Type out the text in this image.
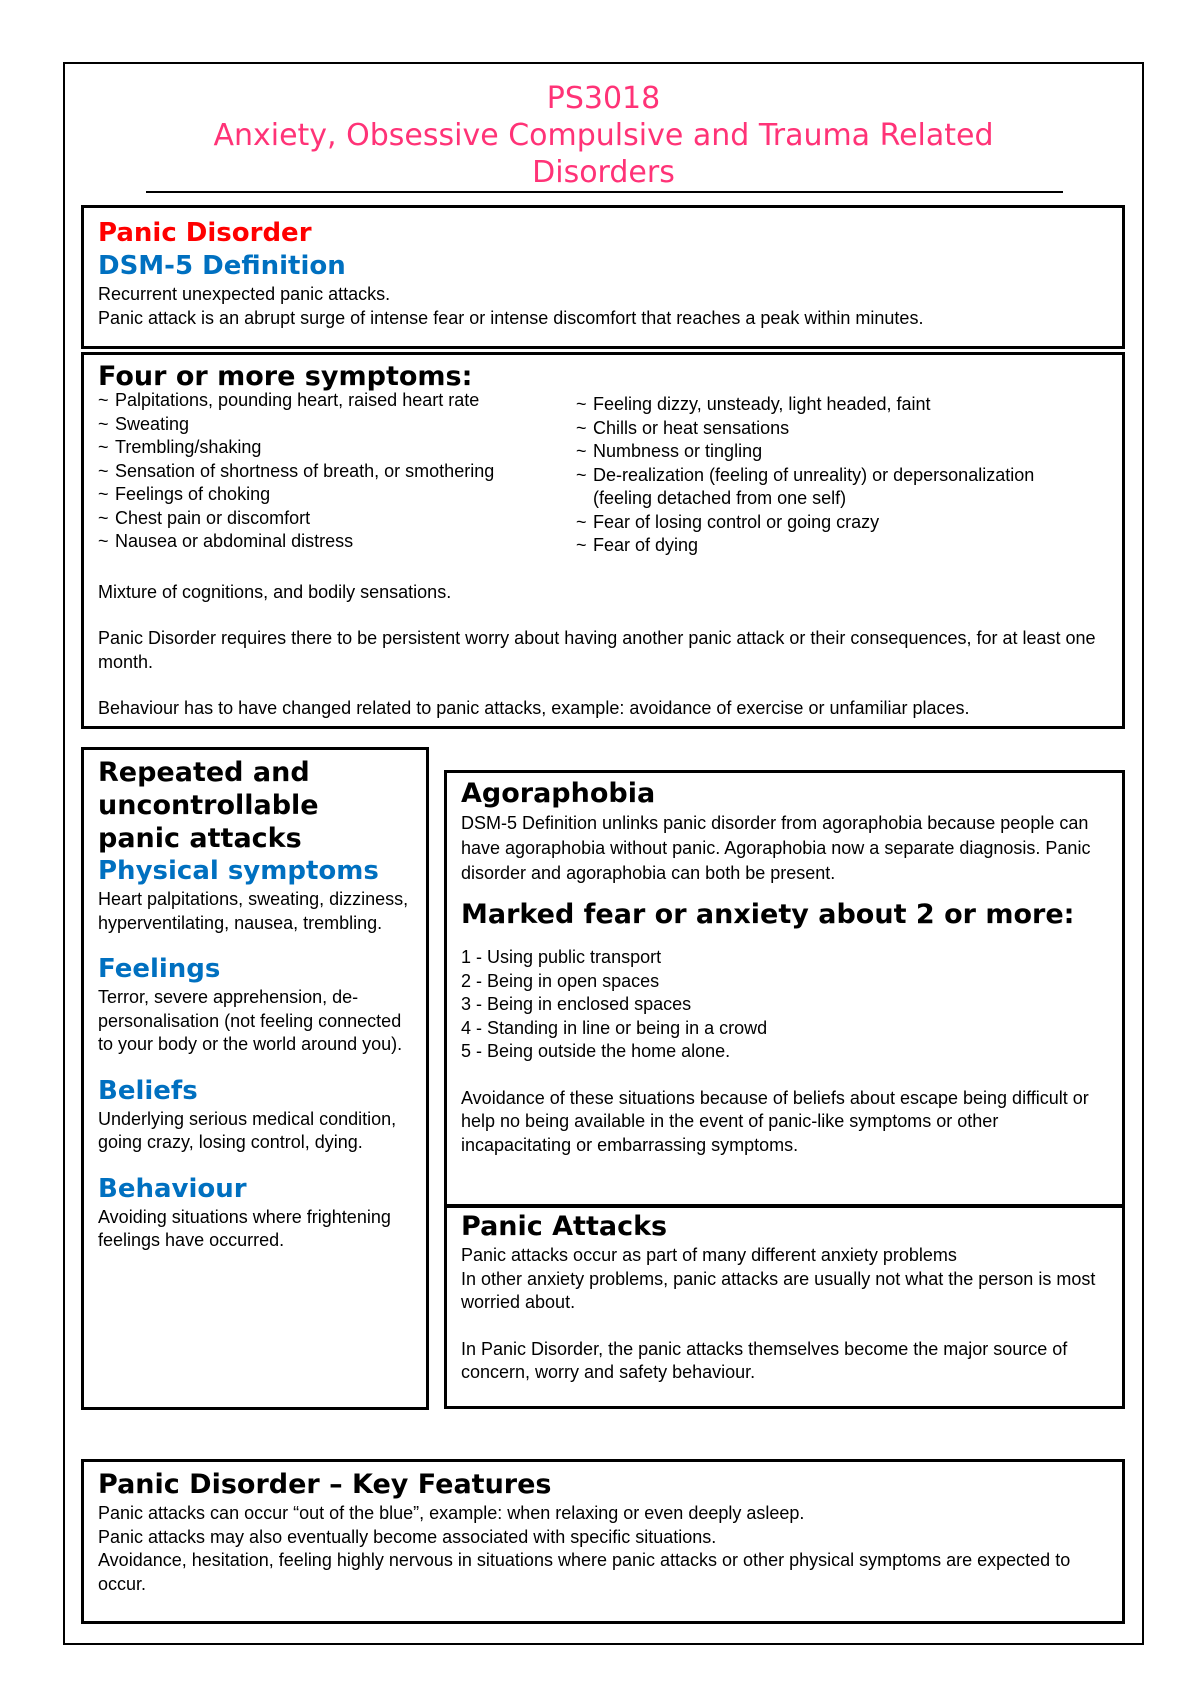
PS3018
Anxiety, Obsessive Compulsive and Trauma Related
Disorders
Panic Disorder
DSM-5 Definition

Recurrent unexpected panic attacks.

Panic attack is an abrupt surge of intense fear or intense discomfort that reaches a peak within minutes.

Four or more symptoms:
~ Palpitations, pounding heart, raised heart rate
~ Sweating
~ Trembling/shaking
~ Sensation of shortness of breath, or smothering
~ Feelings of choking
~ Chest pain or discomfort
~ Nausea or abdominal distress
~ Feeling dizzy, unsteady, light headed, faint
~ Chills or heat sensations
~ Numbness or tingling
~ De-realization (feeling of unreality) or depersonalization (feeling detached from one self)
~ Fear of losing control or going crazy
~ Fear of dying

Mixture of cognitions, and bodily sensations.

Panic Disorder requires there to be persistent worry about having another panic attack or their consequences, for at least one month.

Behaviour has to have changed related to panic attacks, example: avoidance of exercise or unfamiliar places.

Repeated and uncontrollable panic attacks
Physical symptoms

Heart palpitations, sweating, dizziness, hyperventilating, nausea, trembling.

Feelings

Terror, severe apprehension, de-personalisation (not feeling connected to your body or the world around you).

Beliefs

Underlying serious medical condition, going crazy, losing control, dying.

Behaviour

Avoiding situations where frightening feelings have occurred.

Agoraphobia

DSM-5 Definition unlinks panic disorder from agoraphobia because people can have agoraphobia without panic. Agoraphobia now a separate diagnosis. Panic disorder and agoraphobia can both be present.

Marked fear or anxiety about 2 or more:
1 - Using public transport
2 - Being in open spaces
3 - Being in enclosed spaces
4 - Standing in line or being in a crowd
5 - Being outside the home alone.

Avoidance of these situations because of beliefs about escape being difficult or help no being available in the event of panic-like symptoms or other incapacitating or embarrassing symptoms.

Panic Attacks

Panic attacks occur as part of many different anxiety problems

In other anxiety problems, panic attacks are usually not what the person is most worried about.

In Panic Disorder, the panic attacks themselves become the major source of concern, worry and safety behaviour.

Panic Disorder – Key Features

Panic attacks can occur “out of the blue”, example: when relaxing or even deeply asleep.

Panic attacks may also eventually become associated with specific situations.

Avoidance, hesitation, feeling highly nervous in situations where panic attacks or other physical symptoms are expected to occur.
